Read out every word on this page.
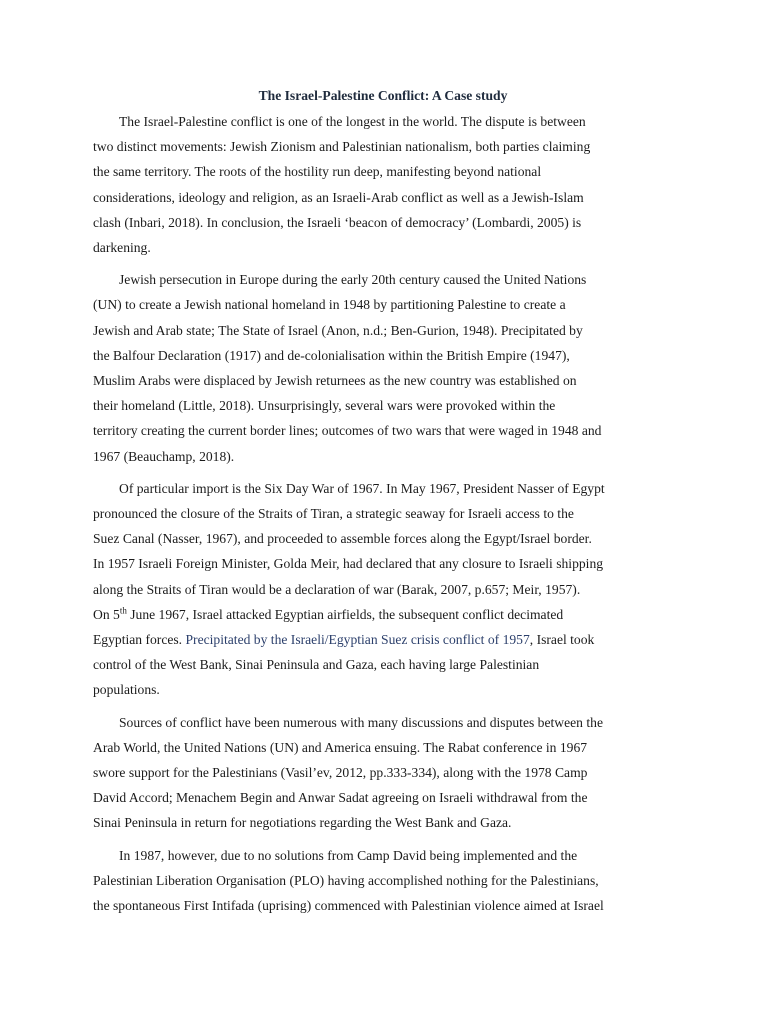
The Israel-Palestine Conflict: A Case study
The Israel-Palestine conflict is one of the longest in the world. The dispute is between
two distinct movements: Jewish Zionism and Palestinian nationalism, both parties claiming
the same territory. The roots of the hostility run deep, manifesting beyond national
considerations, ideology and religion, as an Israeli-Arab conflict as well as a Jewish-Islam
clash (Inbari, 2018). In conclusion, the Israeli ‘beacon of democracy’ (Lombardi, 2005) is
darkening.
Jewish persecution in Europe during the early 20th century caused the United Nations
(UN) to create a Jewish national homeland in 1948 by partitioning Palestine to create a
Jewish and Arab state; The State of Israel (Anon, n.d.; Ben-Gurion, 1948). Precipitated by
the Balfour Declaration (1917) and de-colonialisation within the British Empire (1947),
Muslim Arabs were displaced by Jewish returnees as the new country was established on
their homeland (Little, 2018). Unsurprisingly, several wars were provoked within the
territory creating the current border lines; outcomes of two wars that were waged in 1948 and
1967 (Beauchamp, 2018).
Of particular import is the Six Day War of 1967. In May 1967, President Nasser of Egypt
pronounced the closure of the Straits of Tiran, a strategic seaway for Israeli access to the
Suez Canal (Nasser, 1967), and proceeded to assemble forces along the Egypt/Israel border.
In 1957 Israeli Foreign Minister, Golda Meir, had declared that any closure to Israeli shipping
along the Straits of Tiran would be a declaration of war (Barak, 2007, p.657; Meir, 1957).
On 5th June 1967, Israel attacked Egyptian airfields, the subsequent conflict decimated
Egyptian forces. Precipitated by the Israeli/Egyptian Suez crisis conflict of 1957, Israel took
control of the West Bank, Sinai Peninsula and Gaza, each having large Palestinian
populations.
Sources of conflict have been numerous with many discussions and disputes between the
Arab World, the United Nations (UN) and America ensuing. The Rabat conference in 1967
swore support for the Palestinians (Vasil’ev, 2012, pp.333-334), along with the 1978 Camp
David Accord; Menachem Begin and Anwar Sadat agreeing on Israeli withdrawal from the
Sinai Peninsula in return for negotiations regarding the West Bank and Gaza.
In 1987, however, due to no solutions from Camp David being implemented and the
Palestinian Liberation Organisation (PLO) having accomplished nothing for the Palestinians,
the spontaneous First Intifada (uprising) commenced with Palestinian violence aimed at Israel
